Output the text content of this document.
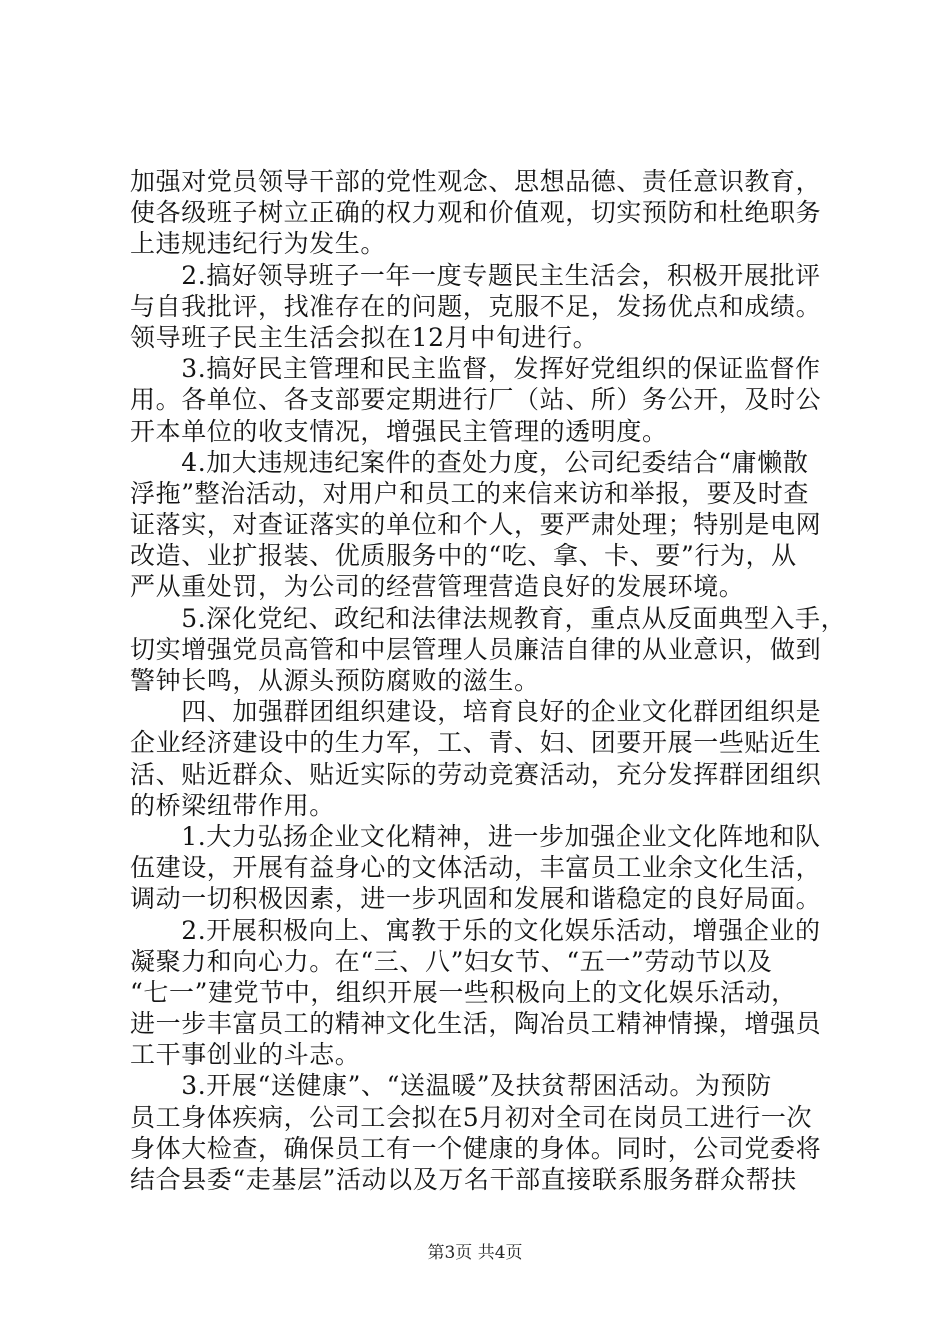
加强对党员领导干部的党性观念、思想品德、责任意识教育，
使各级班子树立正确的权力观和价值观，切实预防和杜绝职务
上违规违纪行为发生。
　　2.搞好领导班子一年一度专题民主生活会，积极开展批评
与自我批评，找准存在的问题，克服不足，发扬优点和成绩。
领导班子民主生活会拟在12月中旬进行。
　　3.搞好民主管理和民主监督，发挥好党组织的保证监督作
用。各单位、各支部要定期进行厂（站、所）务公开，及时公
开本单位的收支情况，增强民主管理的透明度。
　　4.加大违规违纪案件的查处力度，公司纪委结合“庸懒散
浮拖”整治活动，对用户和员工的来信来访和举报，要及时查
证落实，对查证落实的单位和个人，要严肃处理；特别是电网
改造、业扩报装、优质服务中的“吃、拿、卡、要”行为，从
严从重处罚，为公司的经营管理营造良好的发展环境。
　　5.深化党纪、政纪和法律法规教育，重点从反面典型入手，
切实增强党员高管和中层管理人员廉洁自律的从业意识，做到
警钟长鸣，从源头预防腐败的滋生。
　　四、加强群团组织建设，培育良好的企业文化群团组织是
企业经济建设中的生力军，工、青、妇、团要开展一些贴近生
活、贴近群众、贴近实际的劳动竞赛活动，充分发挥群团组织
的桥梁纽带作用。
　　1.大力弘扬企业文化精神，进一步加强企业文化阵地和队
伍建设，开展有益身心的文体活动，丰富员工业余文化生活，
调动一切积极因素，进一步巩固和发展和谐稳定的良好局面。
　　2.开展积极向上、寓教于乐的文化娱乐活动，增强企业的
凝聚力和向心力。在“三、八”妇女节、“五一”劳动节以及
“七一”建党节中，组织开展一些积极向上的文化娱乐活动，
进一步丰富员工的精神文化生活，陶冶员工精神情操，增强员
工干事创业的斗志。
　　3.开展“送健康”、“送温暖”及扶贫帮困活动。为预防
员工身体疾病，公司工会拟在5月初对全司在岗员工进行一次
身体大检查，确保员工有一个健康的身体。同时，公司党委将
结合县委“走基层”活动以及万名干部直接联系服务群众帮扶
第3页 共4页
